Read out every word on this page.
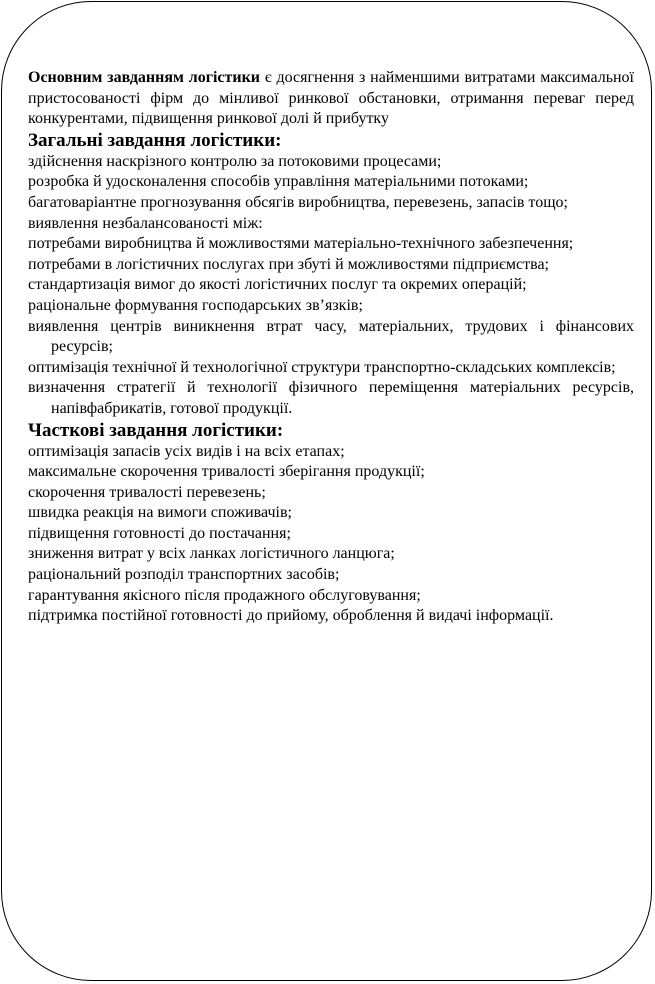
Основним завданням логістики є досягнення з найменшими витратами максимальної пристосованості фірм до мінливої ринкової обстановки, отримання переваг перед конкурентами, підвищення ринкової долі й прибутку

Загальні завдання логістики:

здійснення наскрізного контролю за потоковими процесами;
розробка й удосконалення способів управління матеріальними потоками;
багатоваріантне прогнозування обсягів виробництва, перевезень, запасів тощо;
виявлення незбалансованості між:
потребами виробництва й можливостями матеріально-технічного забезпечення;
потребами в логістичних послугах при збуті й можливостями підприємства;
стандартизація вимог до якості логістичних послуг та окремих операцій;
раціональне формування господарських зв’язків;
виявлення центрів виникнення втрат часу, матеріальних, трудових і фінансових ресурсів;
оптимізація технічної й технологічної структури транспортно-складських комплексів;
визначення стратегії й технології фізичного переміщення матеріальних ресурсів, напівфабрикатів, готової продукції.

Часткові завдання логістики:

оптимізація запасів усіх видів і на всіх етапах;
максимальне скорочення тривалості зберігання продукції;
скорочення тривалості перевезень;
швидка реакція на вимоги споживачів;
підвищення готовності до постачання;
зниження витрат у всіх ланках логістичного ланцюга;
раціональний розподіл транспортних засобів;
гарантування якісного після продажного обслуговування;
підтримка постійної готовності до прийому, оброблення й видачі інформації.
